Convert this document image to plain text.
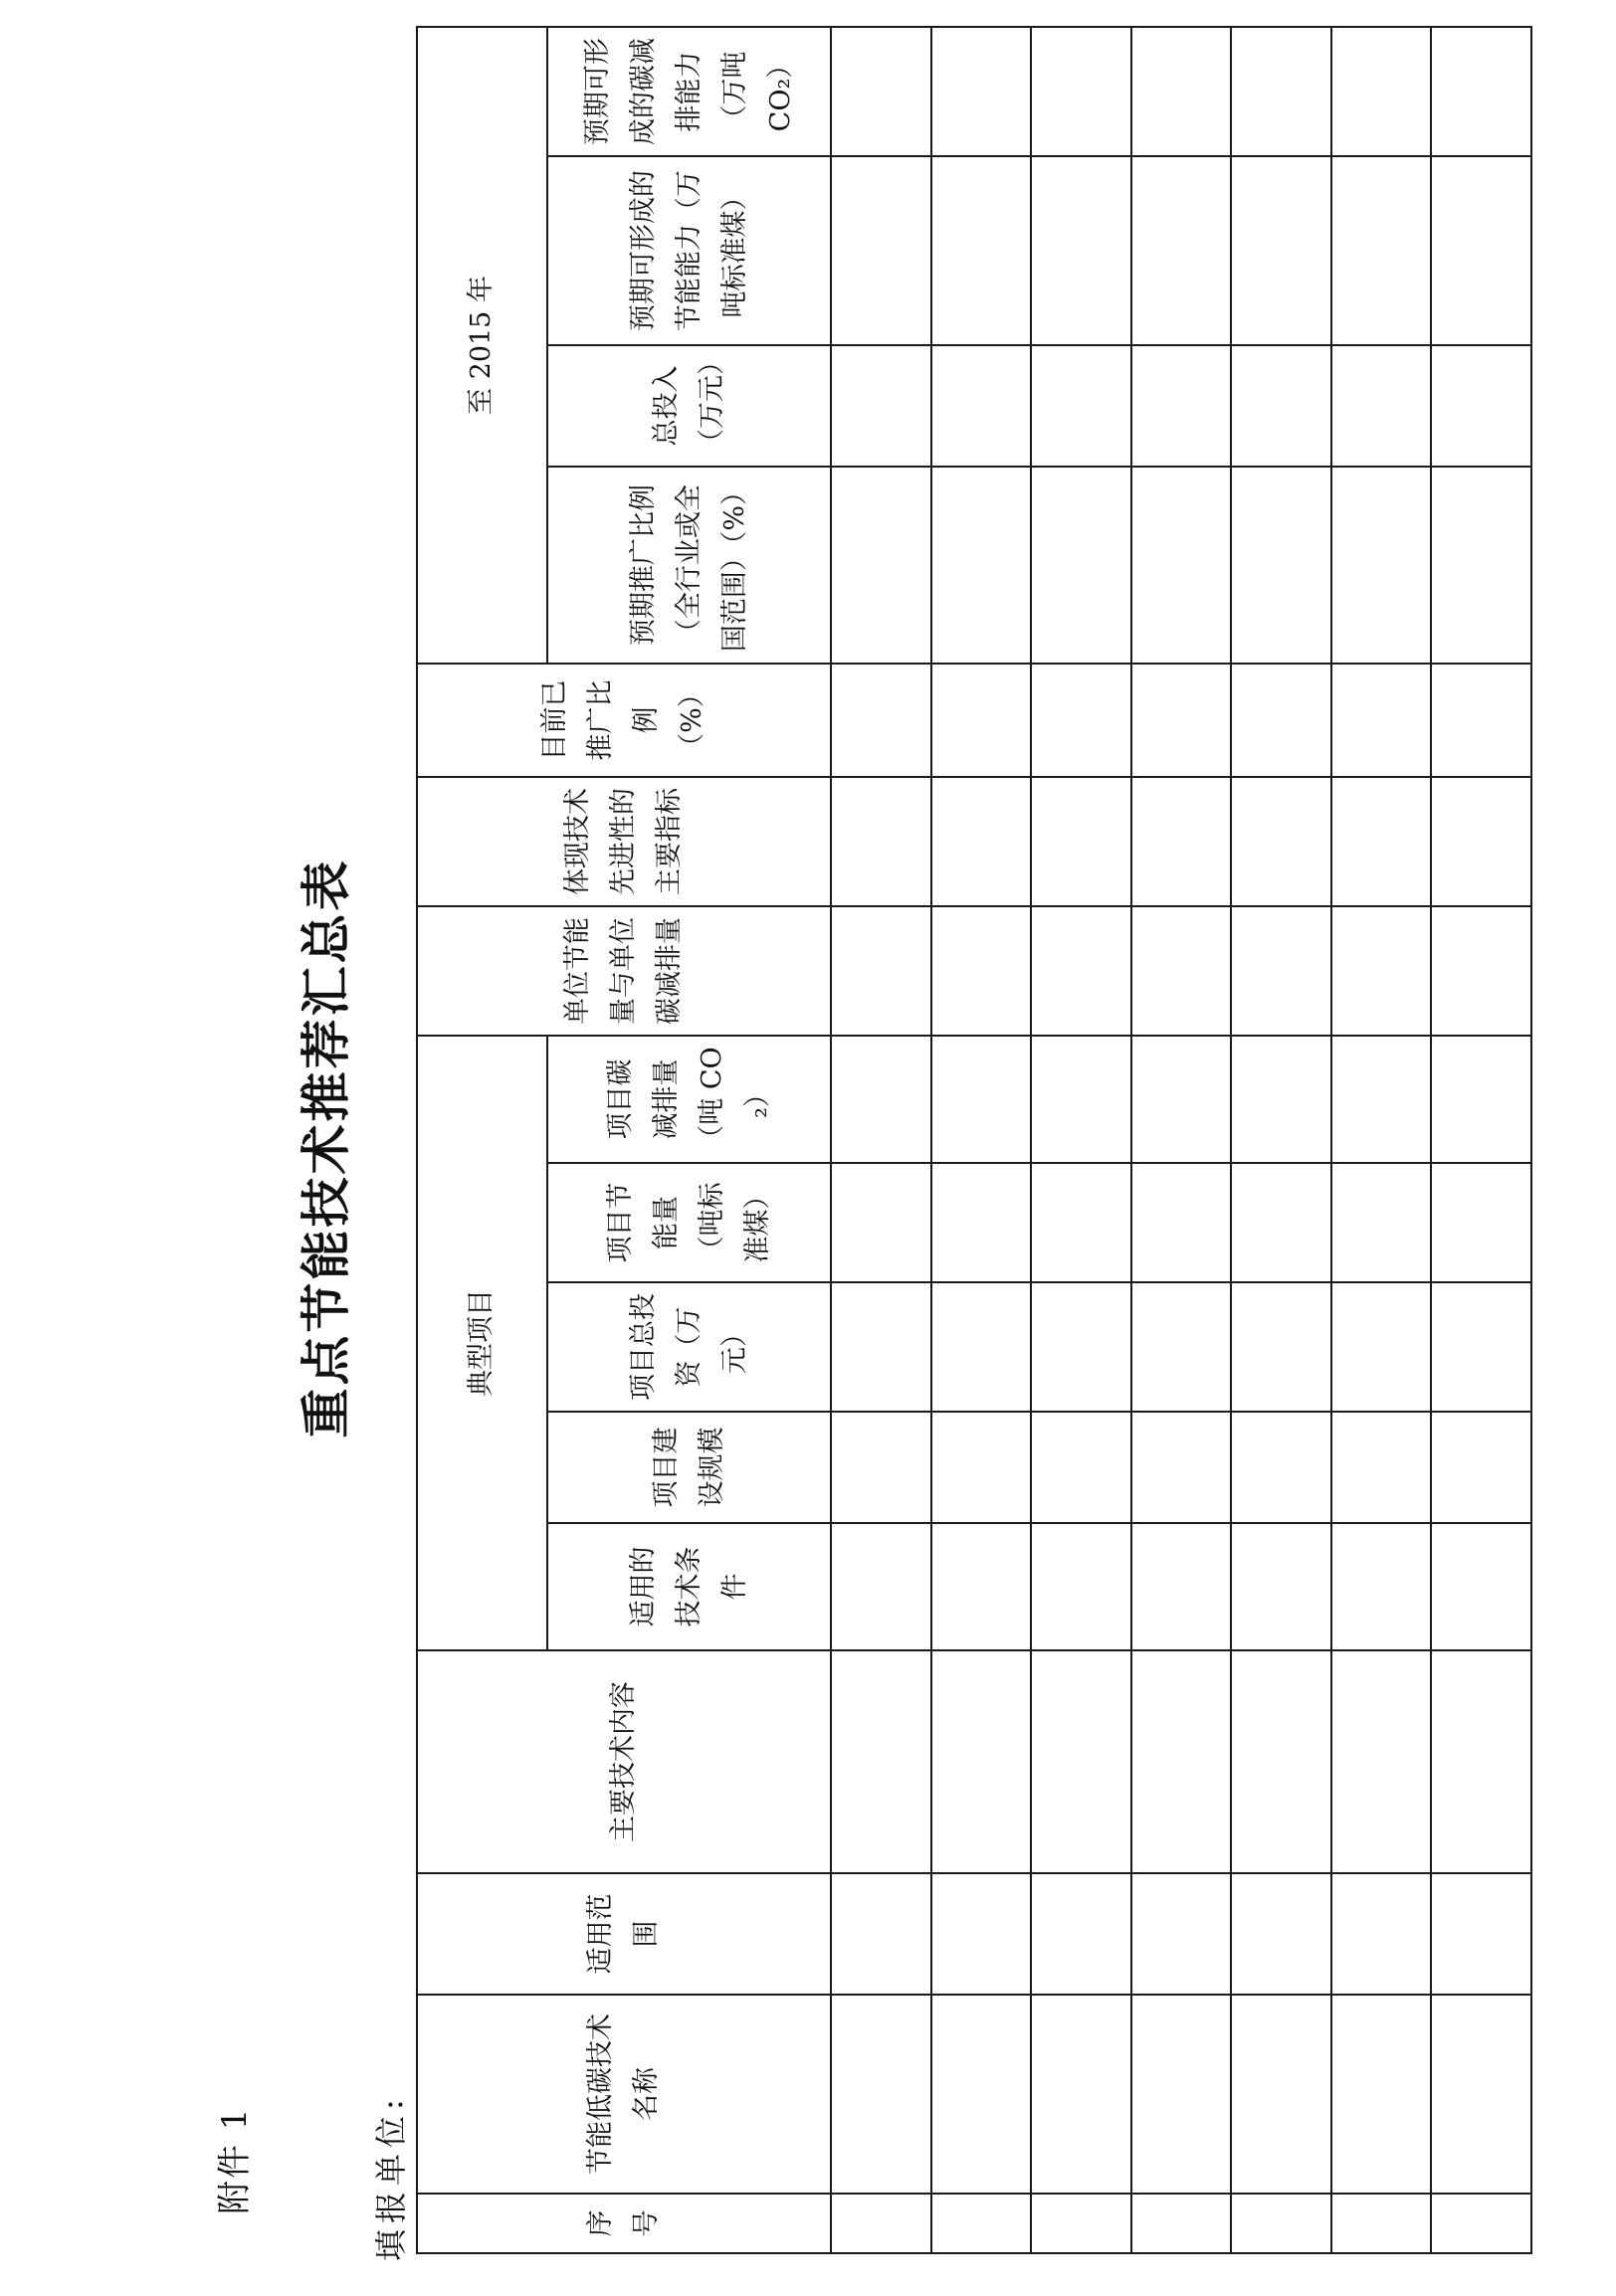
附件 1
重点节能技术推荐汇总表
填报单位:	序号	节能低碳技术名称	适用范围	主要技术内容	典型项目					单位节能量与单位碳减排量	体现技术先进性的主要指标	目前已推广比例（%）	至 2015 年			
				适用的技术条件	项目建设规模	项目总投资（万元）	项目节能量（吨标准煤）	项目碳减排量（吨 CO₂）				预期推广比例（全行业或全国范围）（%）	总投入（万元）	预期可形成的节能能力（万吨标准煤）	预期可形成的碳减排能力（万吨 CO₂）
